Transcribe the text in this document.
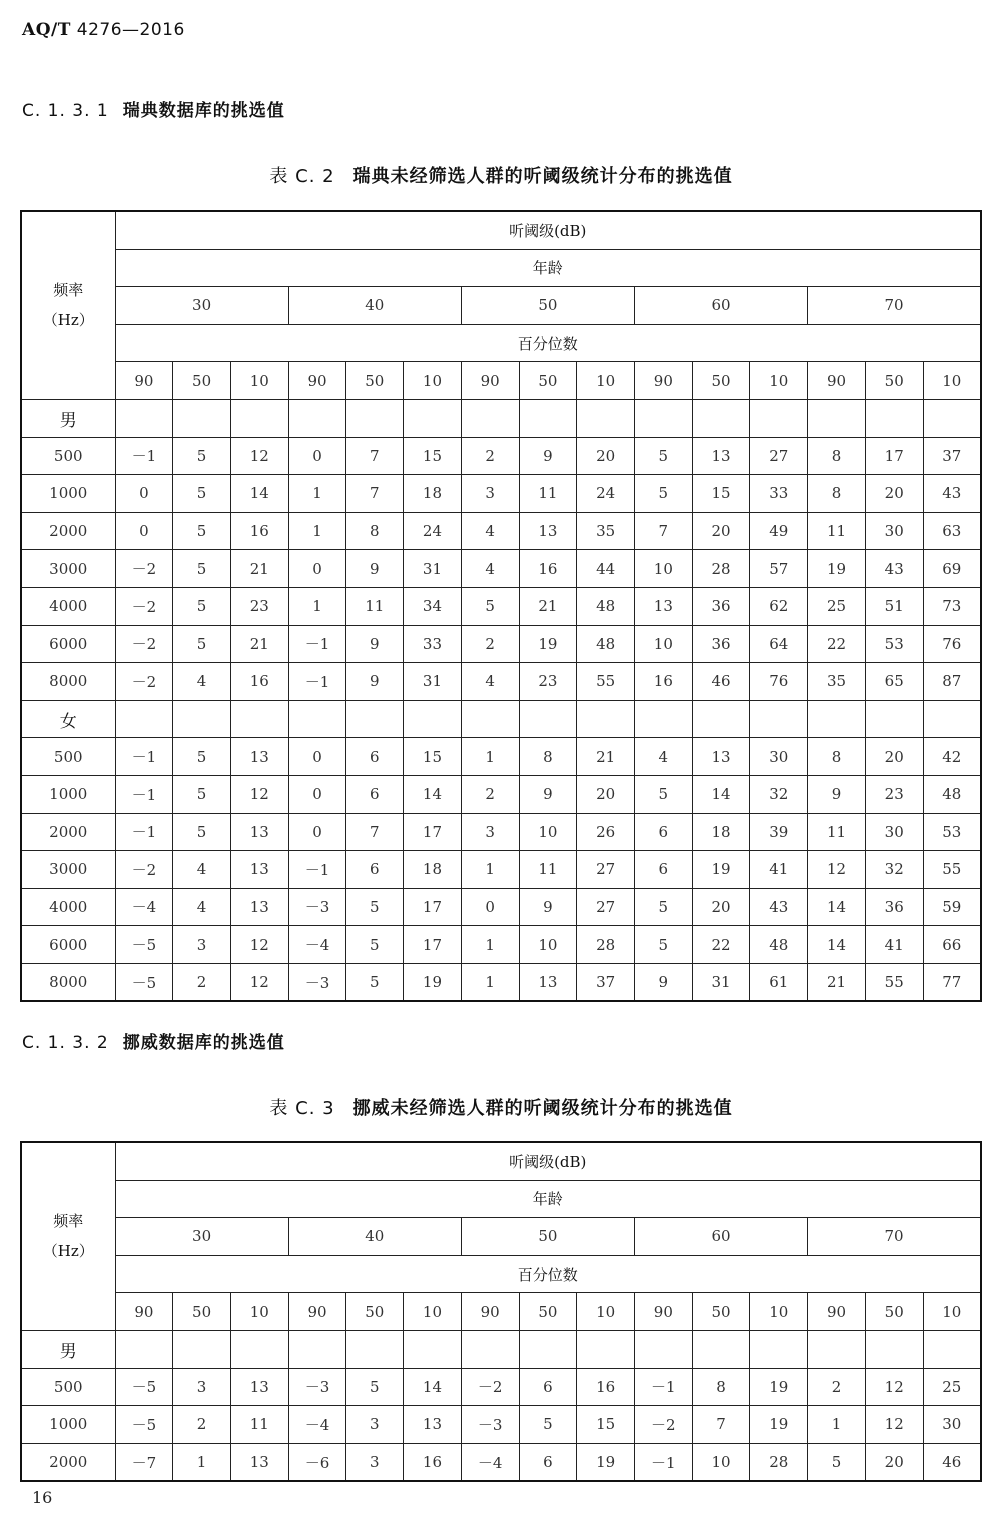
AQ/T 4276—2016
C. 1. 3. 1 瑞典数据库的挑选值
表 C. 2 瑞典未经筛选人群的听阈级统计分布的挑选值
频率
（Hz）	听阈级(dB)														
	年龄														
	30			40			50			60			70		
	百分位数														
	90	50	10	90	50	10	90	50	10	90	50	10	90	50	10
男															
500	－1	5	12	0	7	15	2	9	20	5	13	27	8	17	37
1000	0	5	14	1	7	18	3	11	24	5	15	33	8	20	43
2000	0	5	16	1	8	24	4	13	35	7	20	49	11	30	63
3000	－2	5	21	0	9	31	4	16	44	10	28	57	19	43	69
4000	－2	5	23	1	11	34	5	21	48	13	36	62	25	51	73
6000	－2	5	21	－1	9	33	2	19	48	10	36	64	22	53	76
8000	－2	4	16	－1	9	31	4	23	55	16	46	76	35	65	87
女															
500	－1	5	13	0	6	15	1	8	21	4	13	30	8	20	42
1000	－1	5	12	0	6	14	2	9	20	5	14	32	9	23	48
2000	－1	5	13	0	7	17	3	10	26	6	18	39	11	30	53
3000	－2	4	13	－1	6	18	1	11	27	6	19	41	12	32	55
4000	－4	4	13	－3	5	17	0	9	27	5	20	43	14	36	59
6000	－5	3	12	－4	5	17	1	10	28	5	22	48	14	41	66
8000	－5	2	12	－3	5	19	1	13	37	9	31	61	21	55	77
C. 1. 3. 2 挪威数据库的挑选值
表 C. 3 挪威未经筛选人群的听阈级统计分布的挑选值
频率
（Hz）	听阈级(dB)														
	年龄														
	30			40			50			60			70		
	百分位数														
	90	50	10	90	50	10	90	50	10	90	50	10	90	50	10
男															
500	－5	3	13	－3	5	14	－2	6	16	－1	8	19	2	12	25
1000	－5	2	11	－4	3	13	－3	5	15	－2	7	19	1	12	30
2000	－7	1	13	－6	3	16	－4	6	19	－1	10	28	5	20	46
16
